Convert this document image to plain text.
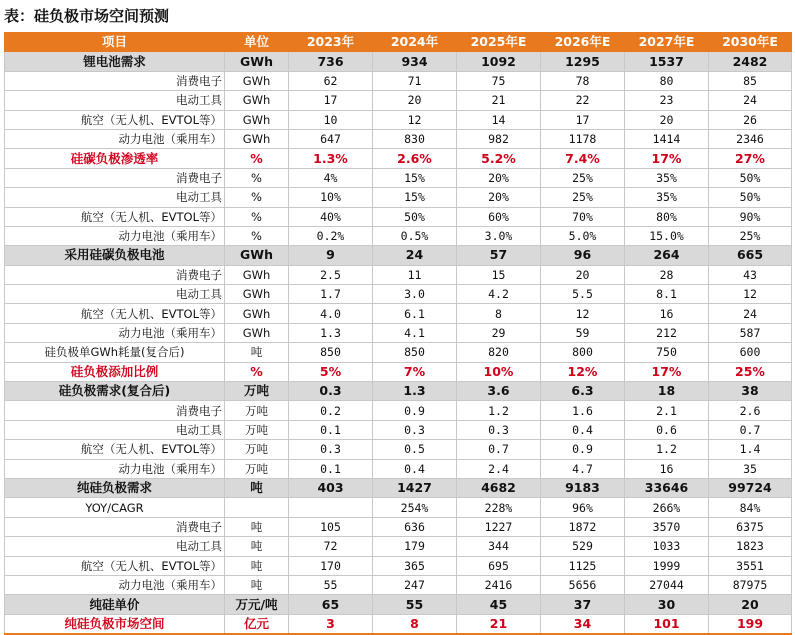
表：硅负极市场空间预测
项目	单位	2023年	2024年	2025年E	2026年E	2027年E	2030年E
锂电池需求	GWh	736	934	1092	1295	1537	2482
消费电子	GWh	62	71	75	78	80	85
电动工具	GWh	17	20	21	22	23	24
航空（无人机、EVTOL等）	GWh	10	12	14	17	20	26
动力电池（乘用车）	GWh	647	830	982	1178	1414	2346
硅碳负极渗透率	%	1.3%	2.6%	5.2%	7.4%	17%	27%
消费电子	%	4%	15%	20%	25%	35%	50%
电动工具	%	10%	15%	20%	25%	35%	50%
航空（无人机、EVTOL等）	%	40%	50%	60%	70%	80%	90%
动力电池（乘用车）	%	0.2%	0.5%	3.0%	5.0%	15.0%	25%
采用硅碳负极电池	GWh	9	24	57	96	264	665
消费电子	GWh	2.5	11	15	20	28	43
电动工具	GWh	1.7	3.0	4.2	5.5	8.1	12
航空（无人机、EVTOL等）	GWh	4.0	6.1	8	12	16	24
动力电池（乘用车）	GWh	1.3	4.1	29	59	212	587
硅负极单GWh耗量(复合后)	吨	850	850	820	800	750	600
硅负极添加比例	%	5%	7%	10%	12%	17%	25%
硅负极需求(复合后)	万吨	0.3	1.3	3.6	6.3	18	38
消费电子	万吨	0.2	0.9	1.2	1.6	2.1	2.6
电动工具	万吨	0.1	0.3	0.3	0.4	0.6	0.7
航空（无人机、EVTOL等）	万吨	0.3	0.5	0.7	0.9	1.2	1.4
动力电池（乘用车）	万吨	0.1	0.4	2.4	4.7	16	35
纯硅负极需求	吨	403	1427	4682	9183	33646	99724
YOY/CAGR			254%	228%	96%	266%	84%
消费电子	吨	105	636	1227	1872	3570	6375
电动工具	吨	72	179	344	529	1033	1823
航空（无人机、EVTOL等）	吨	170	365	695	1125	1999	3551
动力电池（乘用车）	吨	55	247	2416	5656	27044	87975
纯硅单价	万元/吨	65	55	45	37	30	20
纯硅负极市场空间	亿元	3	8	21	34	101	199
